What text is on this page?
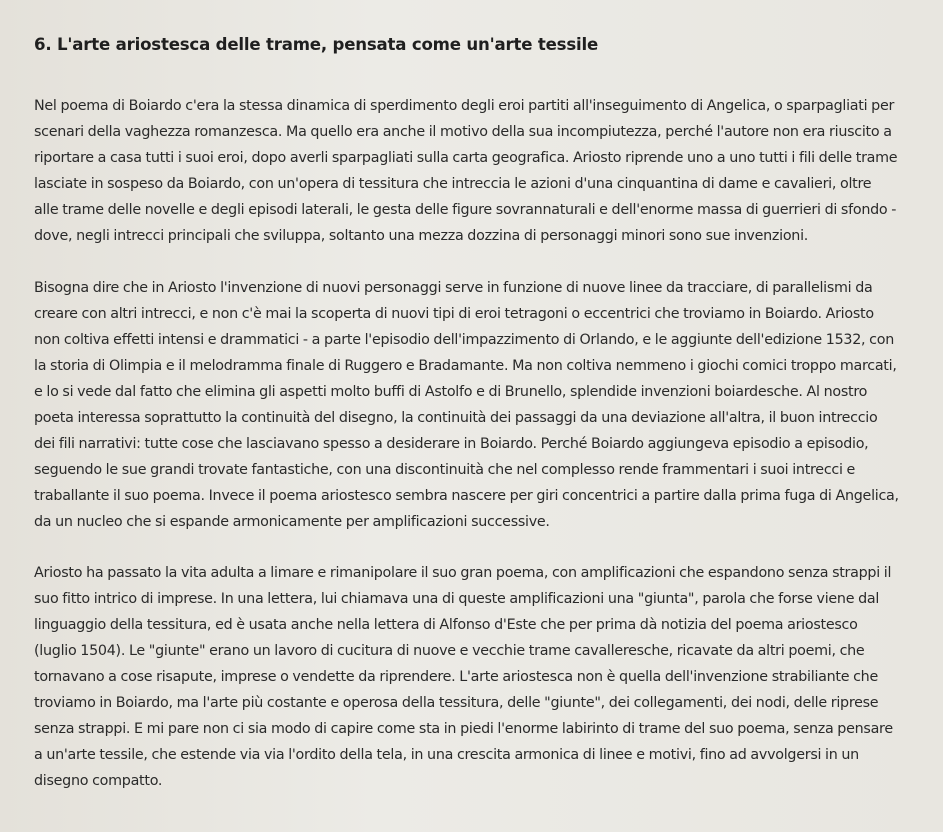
6. L'arte ariostesca delle trame, pensata come un'arte tessile

Nel poema di Boiardo c'era la stessa dinamica di sperdimento degli eroi partiti all'inseguimento di Angelica, o sparpagliati per
scenari della vaghezza romanzesca. Ma quello era anche il motivo della sua incompiutezza, perché l'autore non era riuscito a
riportare a casa tutti i suoi eroi, dopo averli sparpagliati sulla carta geografica. Ariosto riprende uno a uno tutti i fili delle trame
lasciate in sospeso da Boiardo, con un'opera di tessitura che intreccia le azioni d'una cinquantina di dame e cavalieri, oltre
alle trame delle novelle e degli episodi laterali, le gesta delle figure sovrannaturali e dell'enorme massa di guerrieri di sfondo -
dove, negli intrecci principali che sviluppa, soltanto una mezza dozzina di personaggi minori sono sue invenzioni.

Bisogna dire che in Ariosto l'invenzione di nuovi personaggi serve in funzione di nuove linee da tracciare, di parallelismi da
creare con altri intrecci, e non c'è mai la scoperta di nuovi tipi di eroi tetragoni o eccentrici che troviamo in Boiardo. Ariosto
non coltiva effetti intensi e drammatici - a parte l'episodio dell'impazzimento di Orlando, e le aggiunte dell'edizione 1532, con
la storia di Olimpia e il melodramma finale di Ruggero e Bradamante. Ma non coltiva nemmeno i giochi comici troppo marcati,
e lo si vede dal fatto che elimina gli aspetti molto buffi di Astolfo e di Brunello, splendide invenzioni boiardesche. Al nostro
poeta interessa soprattutto la continuità del disegno, la continuità dei passaggi da una deviazione all'altra, il buon intreccio
dei fili narrativi: tutte cose che lasciavano spesso a desiderare in Boiardo. Perché Boiardo aggiungeva episodio a episodio,
seguendo le sue grandi trovate fantastiche, con una discontinuità che nel complesso rende frammentari i suoi intrecci e
traballante il suo poema. Invece il poema ariostesco sembra nascere per giri concentrici a partire dalla prima fuga di Angelica,
da un nucleo che si espande armonicamente per amplificazioni successive.

Ariosto ha passato la vita adulta a limare e rimanipolare il suo gran poema, con amplificazioni che espandono senza strappi il
suo fitto intrico di imprese. In una lettera, lui chiamava una di queste amplificazioni una "giunta", parola che forse viene dal
linguaggio della tessitura, ed è usata anche nella lettera di Alfonso d'Este che per prima dà notizia del poema ariostesco
(luglio 1504). Le "giunte" erano un lavoro di cucitura di nuove e vecchie trame cavalleresche, ricavate da altri poemi, che
tornavano a cose risapute, imprese o vendette da riprendere. L'arte ariostesca non è quella dell'invenzione strabiliante che
troviamo in Boiardo, ma l'arte più costante e operosa della tessitura, delle "giunte", dei collegamenti, dei nodi, delle riprese
senza strappi. E mi pare non ci sia modo di capire come sta in piedi l'enorme labirinto di trame del suo poema, senza pensare
a un'arte tessile, che estende via via l'ordito della tela, in una crescita armonica di linee e motivi, fino ad avvolgersi in un
disegno compatto.
